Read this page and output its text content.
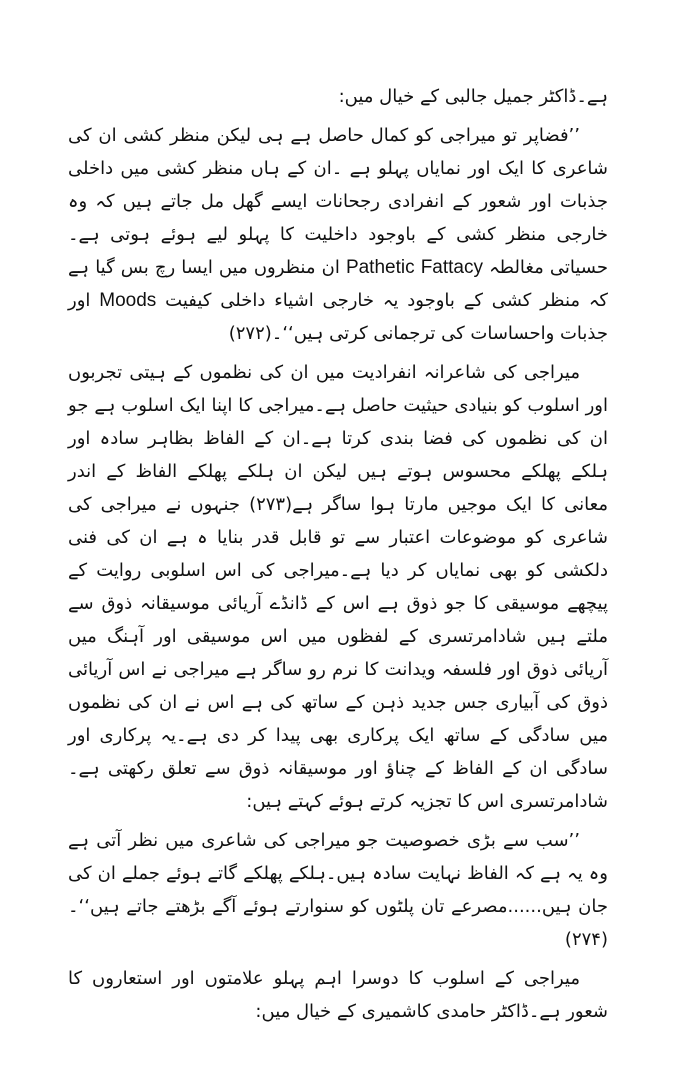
ہے۔ڈاکٹر جمیل جالبی کے خیال میں:

’’فضاپر تو میراجی کو کمال حاصل ہے ہی لیکن منظر کشی ان کی شاعری کا ایک اور نمایاں پہلو ہے ۔ان کے ہاں منظر کشی میں داخلی جذبات اور شعور کے انفرادی رجحانات ایسے گھل مل جاتے ہیں کہ وہ خارجی منظر کشی کے باوجود داخلیت کا پہلو لیے ہوئے ہوتی ہے۔حسیاتی مغالطہ Fattacy Pathetic ان منظروں میں ایسا رچ بس گیا ہے کہ منظر کشی کے باوجود یہ خارجی اشیاء داخلی کیفیت Moods اور جذبات واحساسات کی ترجمانی کرتی ہیں‘‘۔(۲۷۲)

میراجی کی شاعرانہ انفرادیت میں ان کی نظموں کے ہیتی تجربوں اور اسلوب کو بنیادی حیثیت حاصل ہے۔میراجی کا اپنا ایک اسلوب ہے جو ان کی نظموں کی فضا بندی کرتا ہے۔ان کے الفاظ بظاہر سادہ اور ہلکے پھلکے محسوس ہوتے ہیں لیکن ان ہلکے پھلکے الفاظ کے اندر معانی کا ایک موجیں مارتا ہوا ساگر ہے(۲۷۳) جنہوں نے میراجی کی شاعری کو موضوعات اعتبار سے تو قابل قدر بنایا ہ ہے ان کی فنی دلکشی کو بھی نمایاں کر دیا ہے۔میراجی کی اس اسلوبی روایت کے پیچھے موسیقی کا جو ذوق ہے اس کے ڈانڈے آریائی موسیقانہ ذوق سے ملتے ہیں شادامرتسری کے لفظوں میں اس موسیقی اور آہنگ میں آریائی ذوق اور فلسفہ ویدانت کا نرم رو ساگر ہے میراجی نے اس آریائی ذوق کی آبیاری جس جدید ذہن کے ساتھ کی ہے اس نے ان کی نظموں میں سادگی کے ساتھ ایک پرکاری بھی پیدا کر دی ہے۔یہ پرکاری اور سادگی ان کے الفاظ کے چناؤ اور موسیقانہ ذوق سے تعلق رکھتی ہے۔شادامرتسری اس کا تجزیہ کرتے ہوئے کہتے ہیں:

’’سب سے بڑی خصوصیت جو میراجی کی شاعری میں نظر آتی ہے وہ یہ ہے کہ الفاظ نہایت سادہ ہیں۔ہلکے پھلکے گاتے ہوئے جملے ان کی جان ہیں......مصرعے تان پلٹوں کو سنوارتے ہوئے آگے بڑھتے جاتے ہیں‘‘۔(۲۷۴)

میراجی کے اسلوب کا دوسرا اہم پہلو علامتوں اور استعاروں کا شعور ہے۔ڈاکٹر حامدی کاشمیری کے خیال میں:
